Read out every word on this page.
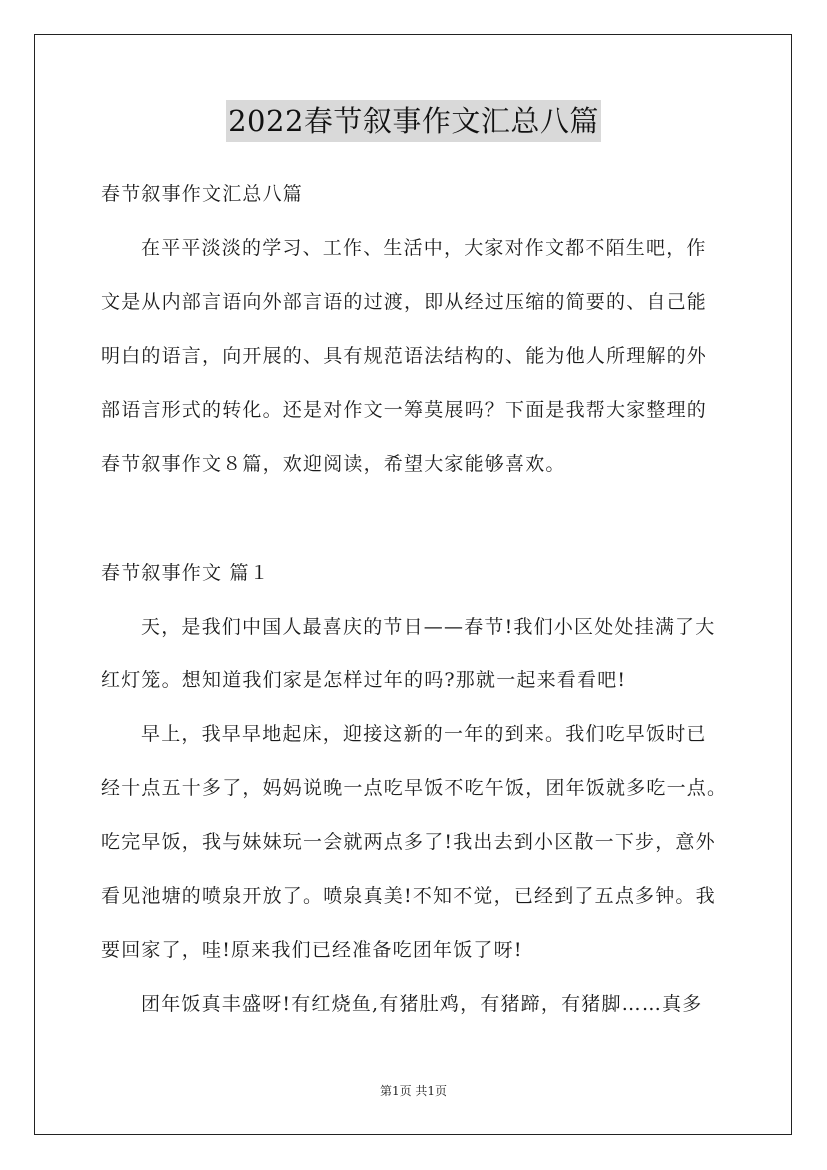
2022春节叙事作文汇总八篇
春节叙事作文汇总八篇
在平平淡淡的学习、工作、生活中，大家对作文都不陌生吧，作
文是从内部言语向外部言语的过渡，即从经过压缩的简要的、自己能
明白的语言，向开展的、具有规范语法结构的、能为他人所理解的外
部语言形式的转化。还是对作文一筹莫展吗？下面是我帮大家整理的
春节叙事作文８篇，欢迎阅读，希望大家能够喜欢。
春节叙事作文 篇１
天，是我们中国人最喜庆的节日——春节!我们小区处处挂满了大
红灯笼。想知道我们家是怎样过年的吗?那就一起来看看吧!
早上，我早早地起床，迎接这新的一年的到来。我们吃早饭时已
经十点五十多了，妈妈说晚一点吃早饭不吃午饭，团年饭就多吃一点。
吃完早饭，我与妹妹玩一会就两点多了!我出去到小区散一下步，意外
看见池塘的喷泉开放了。喷泉真美!不知不觉，已经到了五点多钟。我
要回家了，哇!原来我们已经准备吃团年饭了呀!
团年饭真丰盛呀!有红烧鱼,有猪肚鸡，有猪蹄，有猪脚……真多
第1页 共1页
